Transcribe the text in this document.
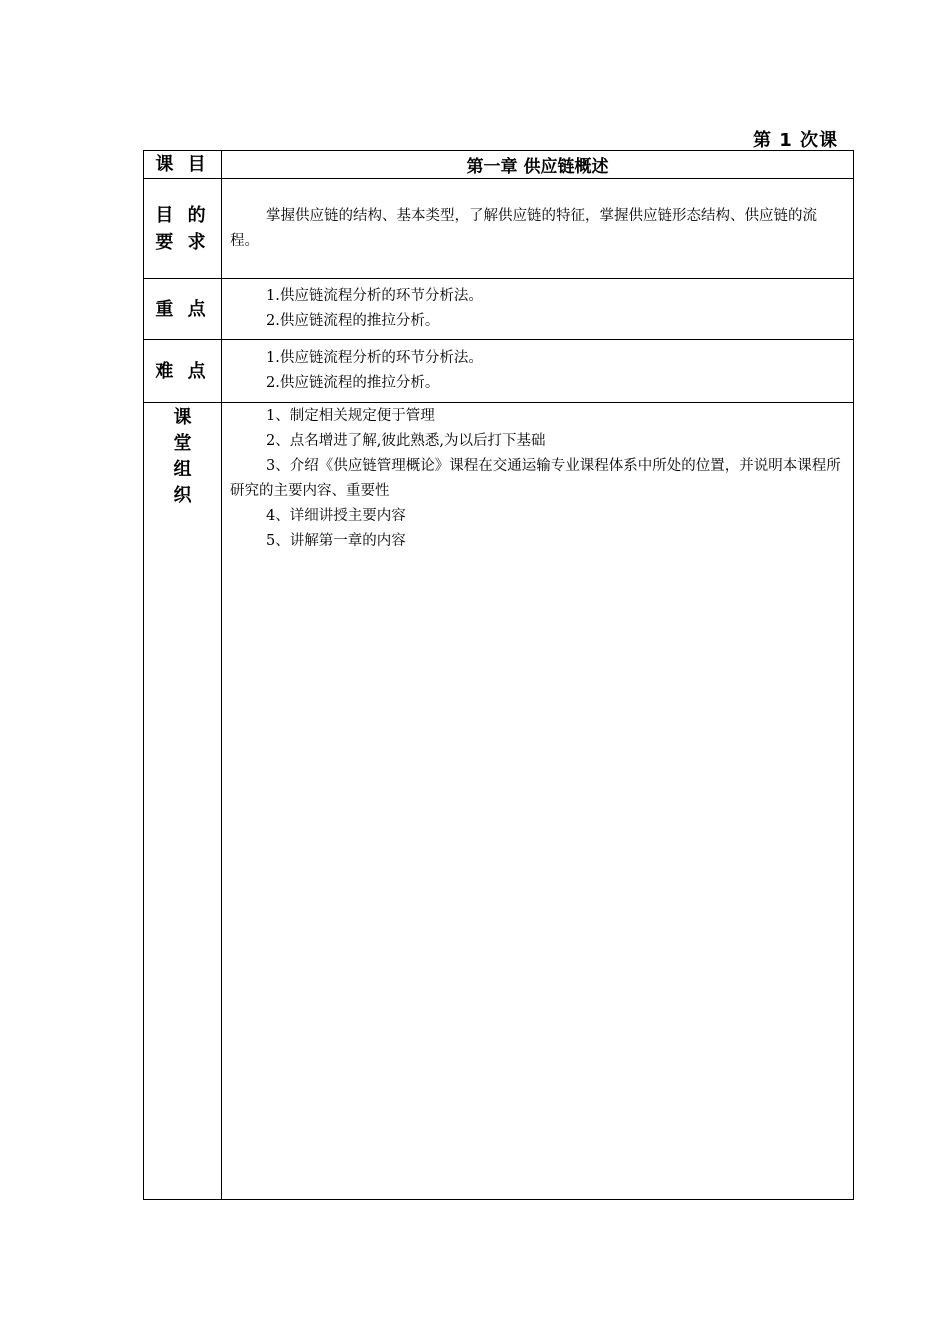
第 1 次课
课 目	第一章 供应链概述

目 的
要 求	掌握供应链的结构、基本类型，了解供应链的特征，掌握供应链形态结构、供应链的流程。

重 点	1.供应链流程分析的环节分析法。
2.供应链流程的推拉分析。

难 点	1.供应链流程分析的环节分析法。
2.供应链流程的推拉分析。

课堂组织	1、制定相关规定便于管理
2、点名增进了解,彼此熟悉,为以后打下基础
3、介绍《供应链管理概论》课程在交通运输专业课程体系中所处的位置，并说明本课程所研究的主要内容、重要性
4、详细讲授主要内容
5、讲解第一章的内容
